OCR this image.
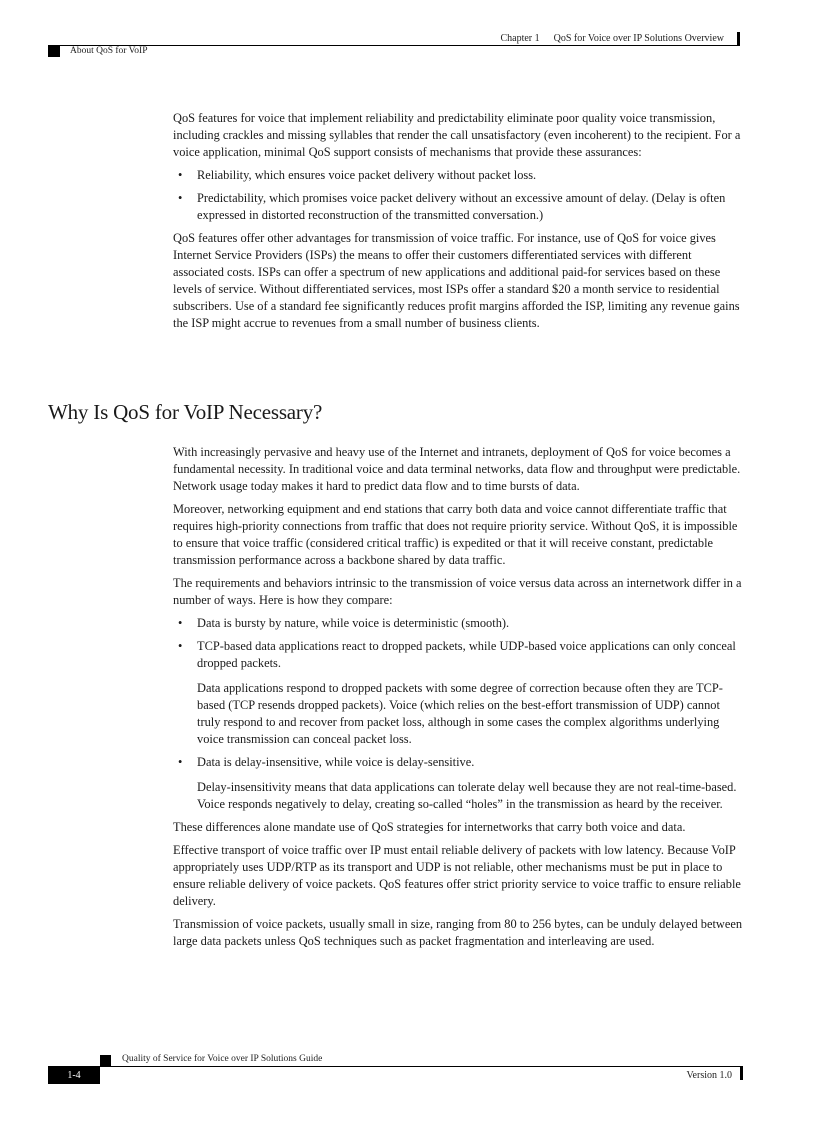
Chapter 1 QoS for Voice over IP Solutions Overview
About QoS for VoIP

QoS features for voice that implement reliability and predictability eliminate poor quality voice transmission, including crackles and missing syllables that render the call unsatisfactory (even incoherent) to the recipient. For a voice application, minimal QoS support consists of mechanisms that provide these assurances:

• Reliability, which ensures voice packet delivery without packet loss.
• Predictability, which promises voice packet delivery without an excessive amount of delay. (Delay is often expressed in distorted reconstruction of the transmitted conversation.)

QoS features offer other advantages for transmission of voice traffic. For instance, use of QoS for voice gives Internet Service Providers (ISPs) the means to offer their customers differentiated services with different associated costs. ISPs can offer a spectrum of new applications and additional paid-for services based on these levels of service. Without differentiated services, most ISPs offer a standard $20 a month service to residential subscribers. Use of a standard fee significantly reduces profit margins afforded the ISP, limiting any revenue gains the ISP might accrue to revenues from a small number of business clients.

Why Is QoS for VoIP Necessary?

With increasingly pervasive and heavy use of the Internet and intranets, deployment of QoS for voice becomes a fundamental necessity. In traditional voice and data terminal networks, data flow and throughput were predictable. Network usage today makes it hard to predict data flow and to time bursts of data.

Moreover, networking equipment and end stations that carry both data and voice cannot differentiate traffic that requires high-priority connections from traffic that does not require priority service. Without QoS, it is impossible to ensure that voice traffic (considered critical traffic) is expedited or that it will receive constant, predictable transmission performance across a backbone shared by data traffic.

The requirements and behaviors intrinsic to the transmission of voice versus data across an internetwork differ in a number of ways. Here is how they compare:

• Data is bursty by nature, while voice is deterministic (smooth).
• TCP-based data applications react to dropped packets, while UDP-based voice applications can only conceal dropped packets.

Data applications respond to dropped packets with some degree of correction because often they are TCP-based (TCP resends dropped packets). Voice (which relies on the best-effort transmission of UDP) cannot truly respond to and recover from packet loss, although in some cases the complex algorithms underlying voice transmission can conceal packet loss.

• Data is delay-insensitive, while voice is delay-sensitive.

Delay-insensitivity means that data applications can tolerate delay well because they are not real-time-based. Voice responds negatively to delay, creating so-called “holes” in the transmission as heard by the receiver.

These differences alone mandate use of QoS strategies for internetworks that carry both voice and data.

Effective transport of voice traffic over IP must entail reliable delivery of packets with low latency. Because VoIP appropriately uses UDP/RTP as its transport and UDP is not reliable, other mechanisms must be put in place to ensure reliable delivery of voice packets. QoS features offer strict priority service to voice traffic to ensure reliable delivery.

Transmission of voice packets, usually small in size, ranging from 80 to 256 bytes, can be unduly delayed between large data packets unless QoS techniques such as packet fragmentation and interleaving are used.

Quality of Service for Voice over IP Solutions Guide
1-4	Version 1.0
